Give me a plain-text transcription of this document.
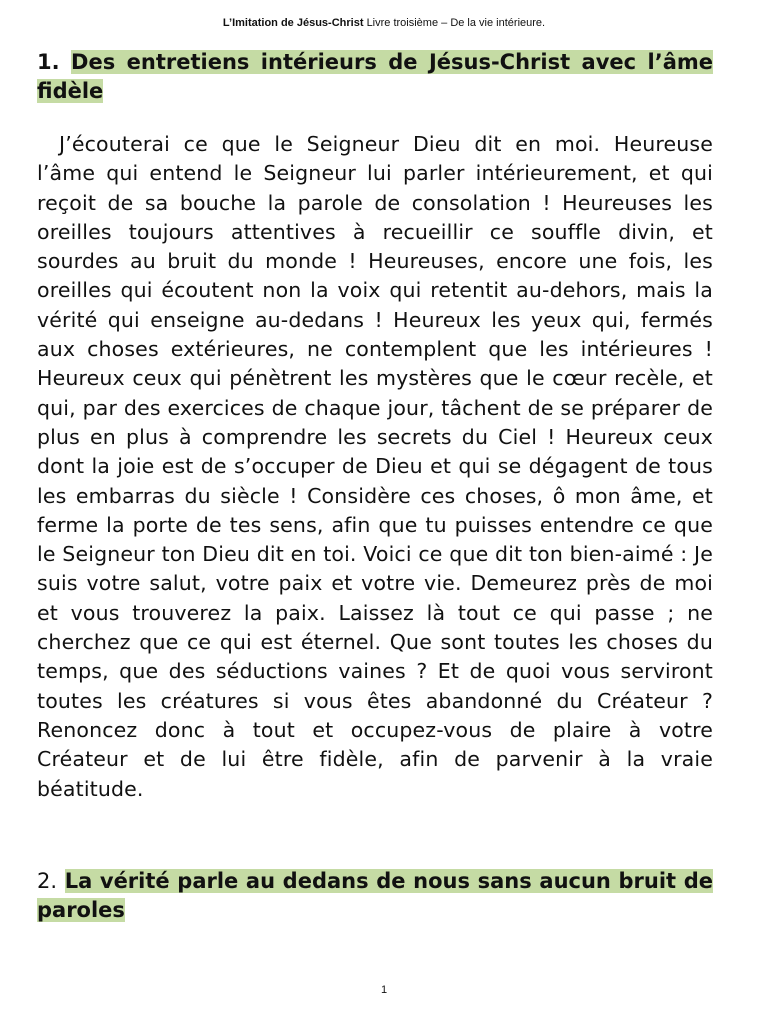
L’Imitation de Jésus-Christ Livre troisième – De la vie intérieure.
1. Des entretiens intérieurs de Jésus-Christ avec l’âme fidèle

J’écouterai ce que le Seigneur Dieu dit en moi. Heureuse l’âme qui entend le Seigneur lui parler intérieurement, et qui reçoit de sa bouche la parole de consolation ! Heureuses les oreilles toujours attentives à recueillir ce souffle divin, et sourdes au bruit du monde ! Heureuses, encore une fois, les oreilles qui écoutent non la voix qui retentit au-dehors, mais la vérité qui enseigne au-dedans ! Heureux les yeux qui, fermés aux choses extérieures, ne contemplent que les intérieures ! Heureux ceux qui pénètrent les mystères que le cœur recèle, et qui, par des exercices de chaque jour, tâchent de se préparer de plus en plus à comprendre les secrets du Ciel ! Heureux ceux dont la joie est de s’occuper de Dieu et qui se dégagent de tous les embarras du siècle ! Considère ces choses, ô mon âme, et ferme la porte de tes sens, afin que tu puisses entendre ce que le Seigneur ton Dieu dit en toi. Voici ce que dit ton bien-aimé : Je suis votre salut, votre paix et votre vie. Demeurez près de moi et vous trouverez la paix. Laissez là tout ce qui passe ; ne cherchez que ce qui est éternel. Que sont toutes les choses du temps, que des séductions vaines ? Et de quoi vous serviront toutes les créatures si vous êtes abandonné du Créateur ? Renoncez donc à tout et occupez-vous de plaire à votre Créateur et de lui être fidèle, afin de parvenir à la vraie béatitude.

2. La vérité parle au dedans de nous sans aucun bruit de paroles
1
